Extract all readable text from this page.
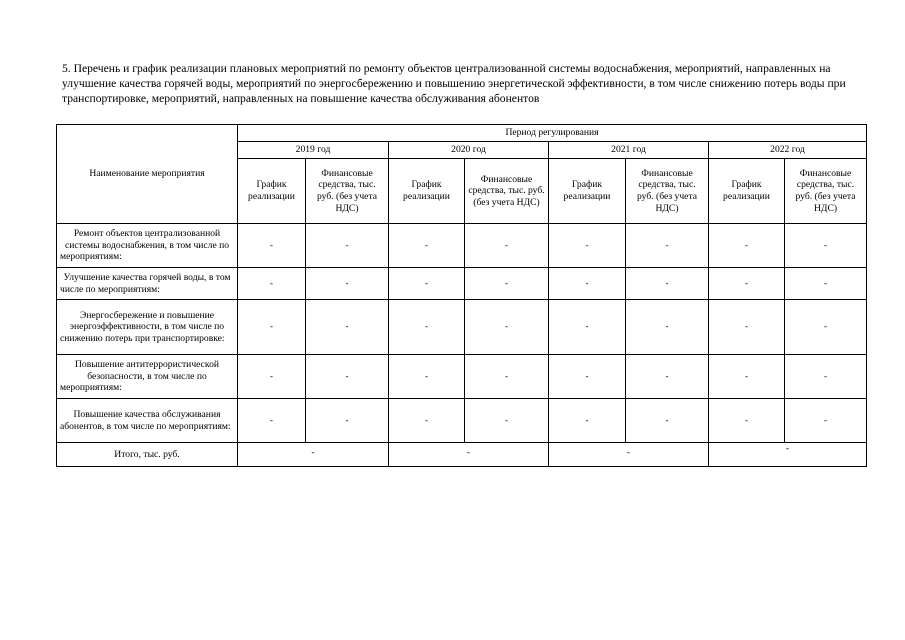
5. Перечень и график реализации плановых мероприятий по ремонту объектов централизованной системы водоснабжения, мероприятий, направленных на улучшение качества горячей воды, мероприятий по энергосбережению и повышению энергетической эффективности, в том числе снижению потерь воды при транспортировке, мероприятий, направленных на повышение качества обслуживания абонентов
Наименование мероприятия	Период регулирования							
	2019 год		2020 год		2021 год		2022 год	
	График реализации	Финансовые средства, тыс. руб. (без учета НДС)	График реализации	Финансовые средства, тыс. руб. (без учета НДС)	График реализации	Финансовые средства, тыс. руб. (без учета НДС)	График реализации	Финансовые средства, тыс. руб. (без учета НДС)
Ремонт объектов централизованной системы водоснабжения, в том числе по мероприятиям:	-	-	-	-	-	-	-	-
Улучшение качества горячей воды, в том числе по мероприятиям:	-	-	-	-	-	-	-	-
Энергосбережение и повышение энергоэффективности, в том числе по снижению потерь при транспортировке:	-	-	-	-	-	-	-	-
Повышение антитеррористической безопасности, в том числе по мероприятиям:	-	-	-	-	-	-	-	-
Повышение качества обслуживания абонентов, в том числе по мероприятиям:	-	-	-	-	-	-	-	-
Итого, тыс. руб.	-		-		-		-	
